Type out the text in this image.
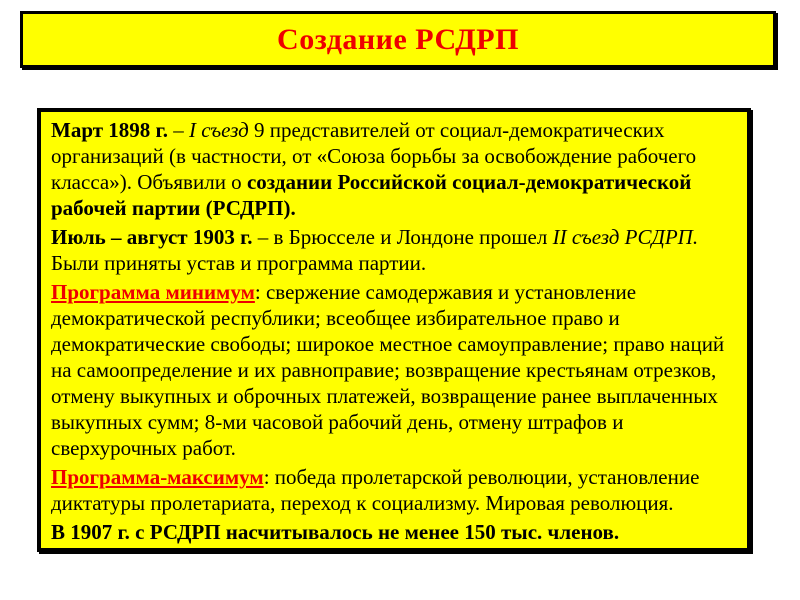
Создание РСДРП

Март 1898 г. – I съезд 9 представителей от социал-демократических организаций (в частности, от «Союза борьбы за освобождение рабочего класса»). Объявили о создании Российской социал-демократической рабочей партии (РСДРП).

Июль – август 1903 г. – в Брюсселе и Лондоне прошел II съезд РСДРП. Были приняты устав и программа партии.

Программа минимум: свержение самодержавия и установление демократической республики; всеобщее избирательное право и демократические свободы; широкое местное самоуправление; право наций на самоопределение и их равноправие; возвращение крестьянам отрезков, отмену выкупных и оброчных платежей, возвращение ранее выплаченных выкупных сумм; 8-ми часовой рабочий день, отмену штрафов и сверхурочных работ.

Программа-максимум: победа пролетарской революции, установление диктатуры пролетариата, переход к социализму. Мировая революция.

В 1907 г. с РСДРП насчитывалось не менее 150 тыс. членов.
